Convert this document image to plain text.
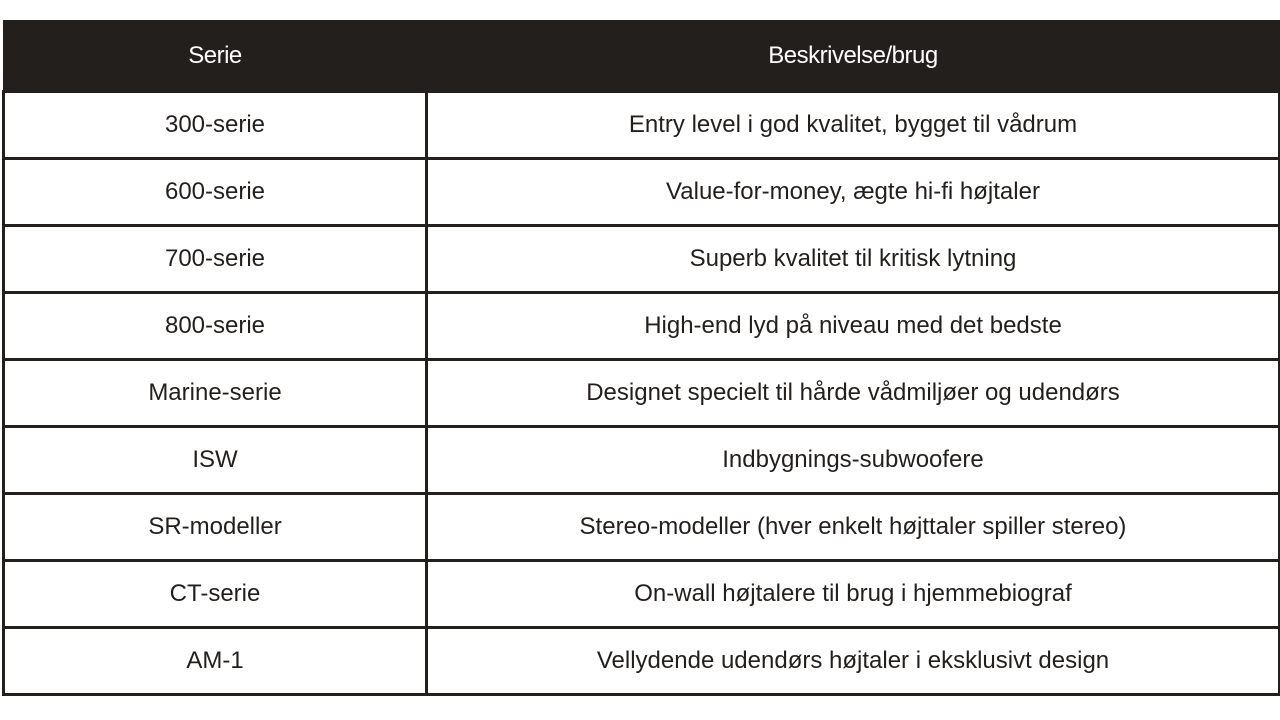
Serie	Beskrivelse/brug
300-serie	Entry level i god kvalitet, bygget til vådrum
600-serie	Value-for-money, ægte hi-fi højtaler
700-serie	Superb kvalitet til kritisk lytning
800-serie	High-end lyd på niveau med det bedste
Marine-serie	Designet specielt til hårde vådmiljøer og udendørs
ISW	Indbygnings-subwoofere
SR-modeller	Stereo-modeller (hver enkelt højttaler spiller stereo)
CT-serie	On-wall højtalere til brug i hjemmebiograf
AM-1	Vellydende udendørs højtaler i eksklusivt design
